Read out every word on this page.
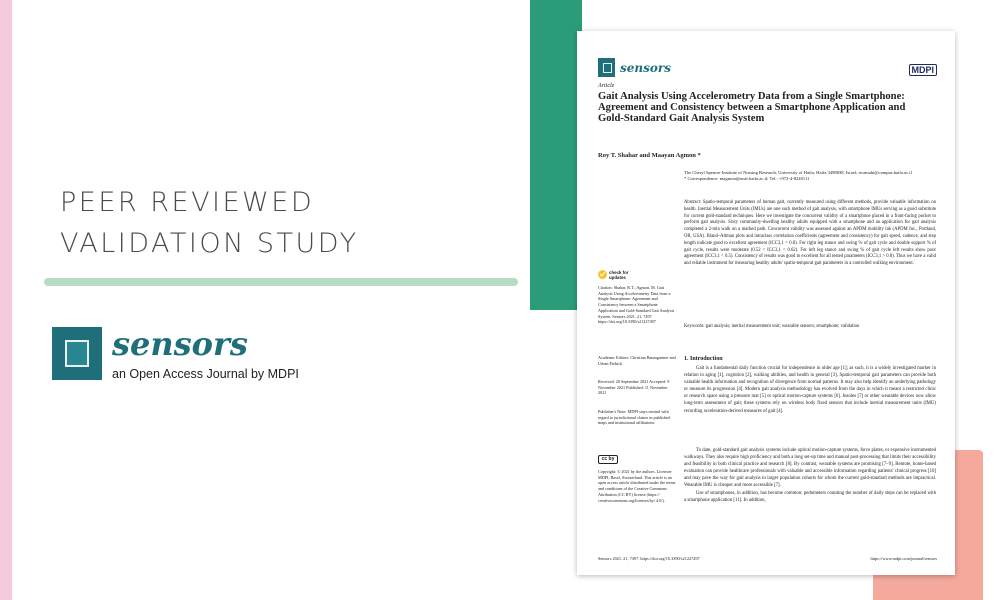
PEER REVIEWED
VALIDATION STUDY
sensors
an Open Access Journal by MDPI
sensors	MDPI
Article
Gait Analysis Using Accelerometry Data from a Single Smartphone: Agreement and Consistency between a Smartphone Application and Gold-Standard Gait Analysis System
Roy T. Shahar and Maayan Agmon *
The Cheryl Spencer Institute of Nursing Research, University of Haifa, Haifa 3498838, Israel; rtormahi@campus.haifa.ac.il
* Correspondence: magmon@univ.haifa.ac.il; Tel.: +972-4-8240111
Abstract: Spatio-temporal parameters of human gait, currently measured using different methods, provide valuable information on health. Inertial Measurement Units (IMUs) are one such method of gait analysis, with smartphone IMUs serving as a good substitute for current gold-standard techniques. Here we investigate the concurrent validity of a smartphone placed in a front-facing pocket to perform gait analysis. Sixty community-dwelling healthy adults equipped with a smartphone and an application for gait analysis completed a 2-min walk on a marked path. Concurrent validity was assessed against an APDM mobility lab (APDM Inc., Portland, OR, USA). Bland–Altman plots and intraclass correlation coefficients (agreement and consistency) for gait speed, cadence, and step length indicate good to excellent agreement (ICC3,1 > 0.8). For right leg stance and swing % of gait cycle and double support % of gait cycle, results were moderate (0.52 < ICC3,1 < 0.62). For left leg stance and swing % of gait cycle left results show poor agreement (ICC3,1 < 0.5). Consistency of results was good to excellent for all tested parameters (ICC3,1 > 0.8). Thus we have a valid and reliable instrument for measuring healthy adults' spatio-temporal gait parameters in a controlled walking environment.
Keywords: gait analysis; inertial measurement unit; wearable sensors; smartphone; validation
check for updates
Citation: Shahar, R.T.; Agmon, M. Gait Analysis Using Accelerometry Data from a Single Smartphone: Agreement and Consistency between a Smartphone Application and Gold-Standard Gait Analysis System. Sensors 2021, 21, 7497. https://doi.org/10.3390/s21227497
Academic Editors: Christian Baumgartner and Urban Fiebick
Received: 20 September 2021 Accepted: 9 November 2021 Published: 11 November 2021
Publisher's Note: MDPI stays neutral with regard to jurisdictional claims in published maps and institutional affiliations.
cc by
Copyright: © 2021 by the authors. Licensee MDPI, Basel, Switzerland. This article is an open access article distributed under the terms and conditions of the Creative Commons Attribution (CC BY) license (https:// creativecommons.org/licenses/by/ 4.0/).
1. Introduction
Gait is a fundamental daily function crucial for independence in older age [1]; as such, it is a widely investigated marker in relation to aging [1], cognition [2], walking abilities, and health in general [3]. Spatio-temporal gait parameters can provide both valuable health information and recognition of divergence from normal patterns. It may also help identify an underlying pathology or measure its progression [4]. Modern gait analysis methodology has evolved from the days in which it meant a restricted clinic or research space using a pressure mat [5] or optical motion-capture systems [6]. Insoles [7] or other wearable devices now allow long-term assessment of gait; these systems rely on wireless body fixed sensors that include inertial measurement units (IMU) recording acceleration-derived measures of gait [4].
To date, gold-standard gait analysis systems include optical motion-capture systems, force plates, or expensive instrumented walkways. They also require high proficiency and both a long set-up time and manual post-processing that limits their accessibility and feasibility in both clinical practice and research [8]. By contrast, wearable systems are promising [7–9]. Remote, home-based evaluation can provide healthcare professionals with valuable and accessible information regarding patients' clinical progress [10] and may pave the way for gait analysis in larger population cohorts for whom the current gold-standard methods are impractical. Wearable IMU is cheaper and more accessible [7].
Use of smartphones, in addition, has become common: pedometers counting the number of daily steps can be replaced with a smartphone application [11]. In addition,
Sensors 2021, 21, 7497. https://doi.org/10.3390/s21227497	https://www.mdpi.com/journal/sensors
